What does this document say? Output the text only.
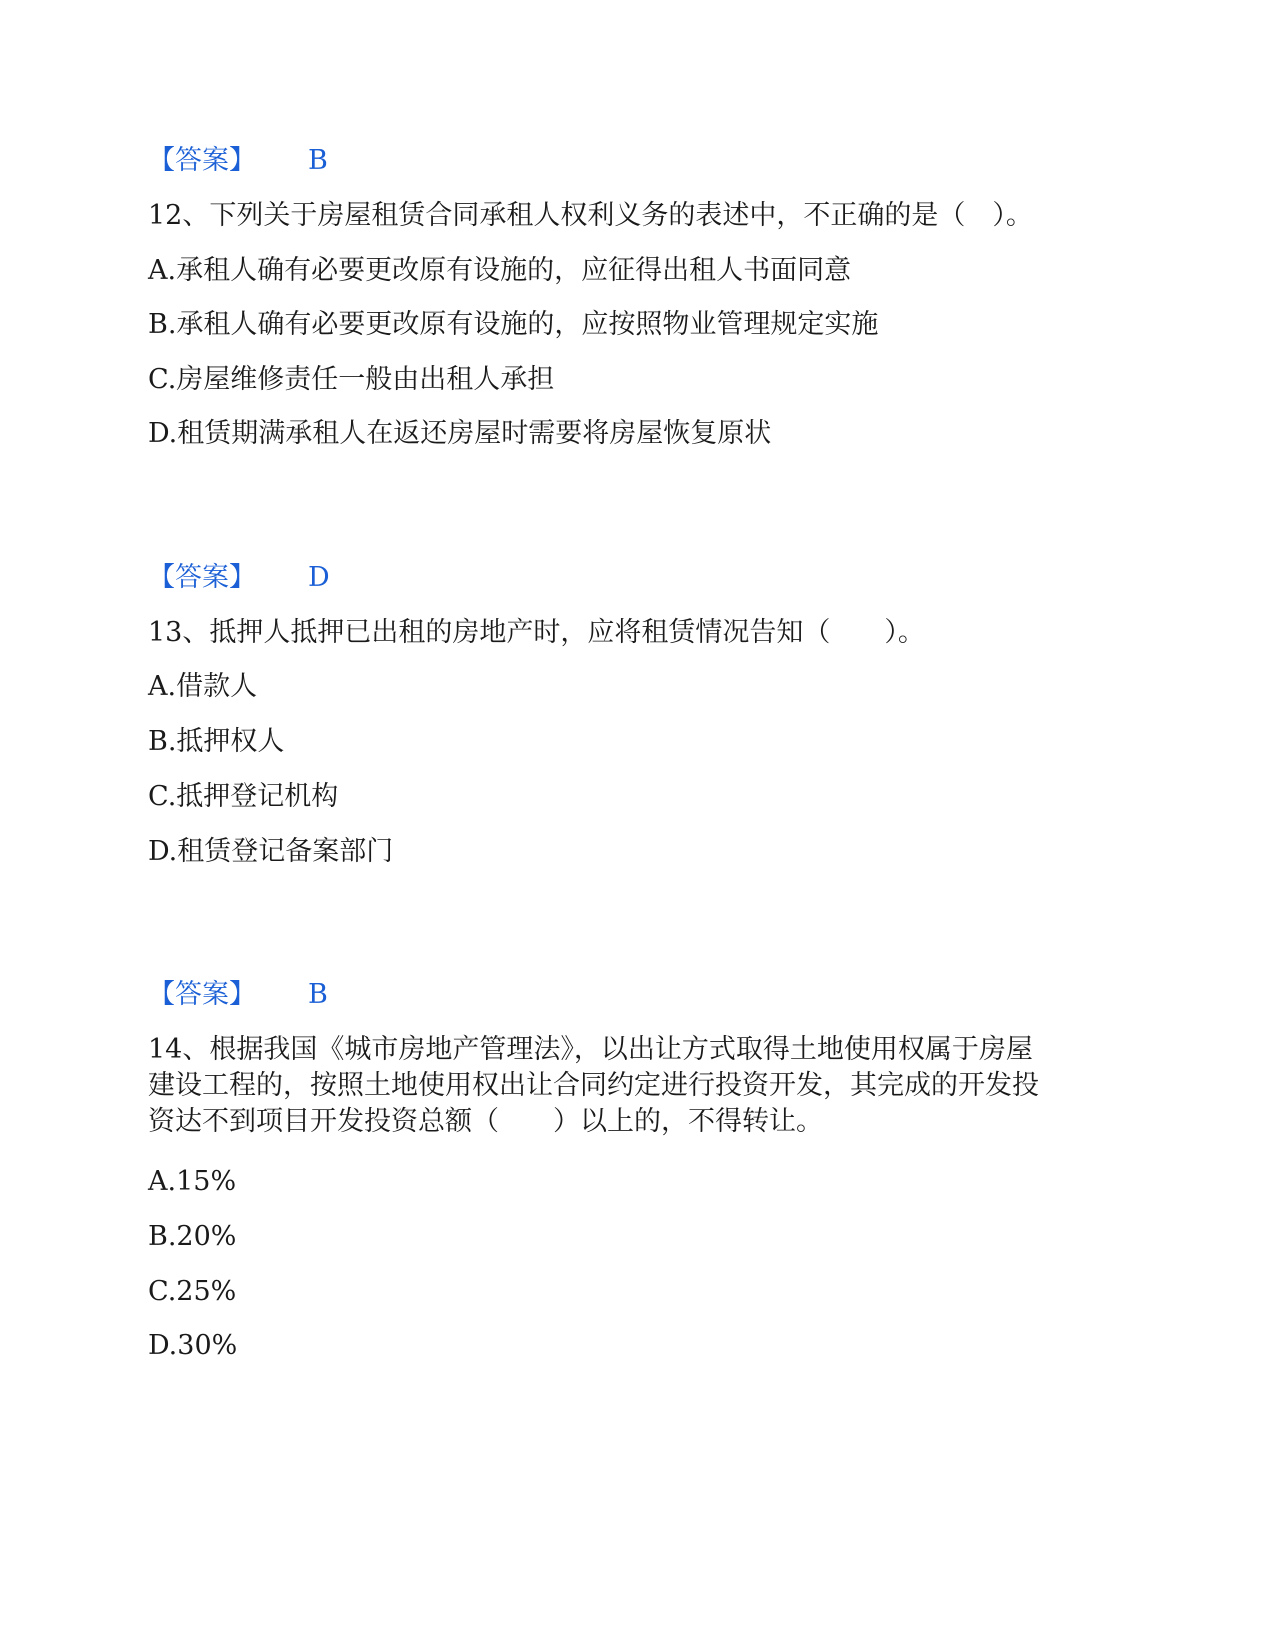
【答案】 B
12、下列关于房屋租赁合同承租人权利义务的表述中，不正确的是（　）。
A.承租人确有必要更改原有设施的，应征得出租人书面同意
B.承租人确有必要更改原有设施的，应按照物业管理规定实施
C.房屋维修责任一般由出租人承担
D.租赁期满承租人在返还房屋时需要将房屋恢复原状
【答案】 D
13、抵押人抵押已出租的房地产时，应将租赁情况告知（　　）。
A.借款人
B.抵押权人
C.抵押登记机构
D.租赁登记备案部门
【答案】 B
14、根据我国《城市房地产管理法》，以出让方式取得土地使用权属于房屋
建设工程的，按照土地使用权出让合同约定进行投资开发，其完成的开发投
资达不到项目开发投资总额（　　）以上的，不得转让。
A.15%
B.20%
C.25%
D.30%
